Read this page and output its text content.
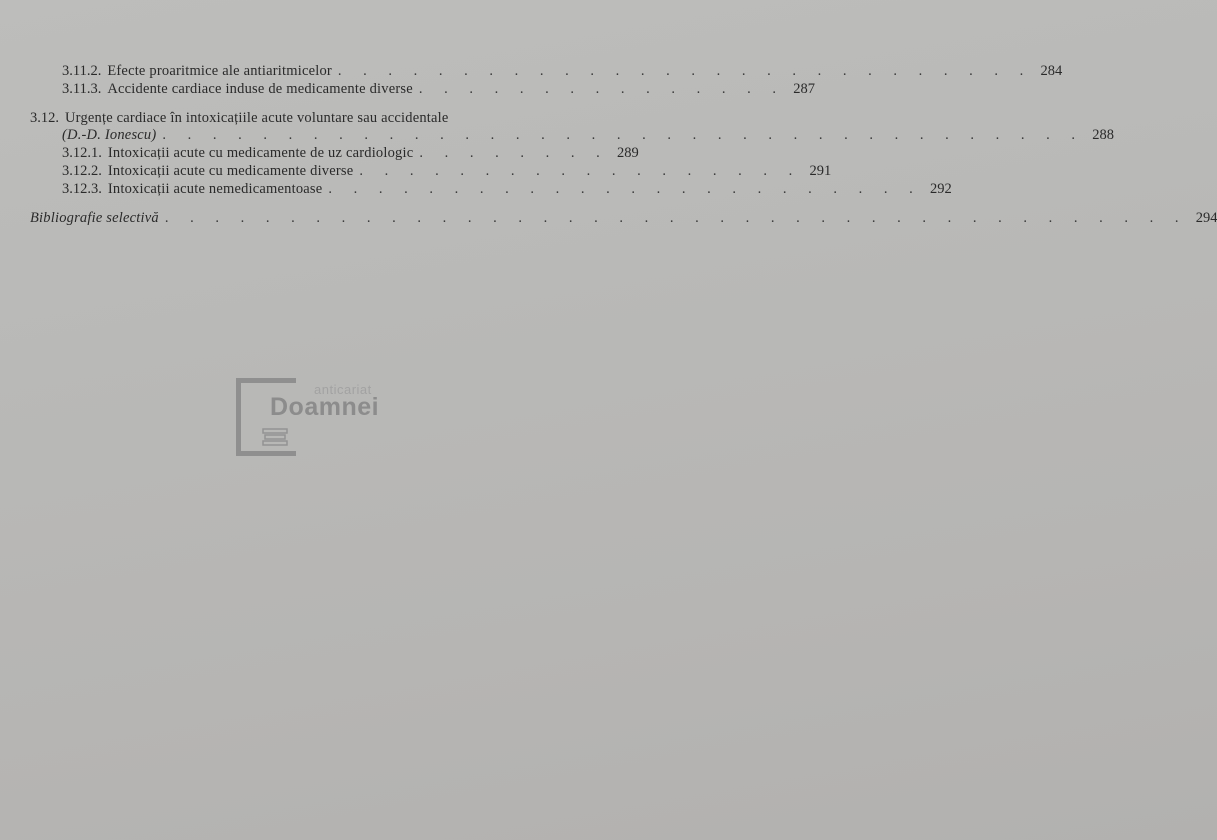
3.11.2. Efecte proaritmice ale antiaritmicelor . . . . . . . . . . . . . . . . . . . . . . . . . . . . 284
3.11.3. Accidente cardiace induse de medicamente diverse . . . . . . . . . . . . . . . 287
3.12. Urgențe cardiace în intoxicațiile acute voluntare sau accidentale
(D.-D. Ionescu) . . . . . . . . . . . . . . . . . . . . . . . . . . . . . . . . . . . . . 288
3.12.1. Intoxicații acute cu medicamente de uz cardiologic . . . . . . . . 289
3.12.2. Intoxicații acute cu medicamente diverse . . . . . . . . . . . . . . . . . . 291
3.12.3. Intoxicații acute nemedicamentoase . . . . . . . . . . . . . . . . . . . . . . . . 292
Bibliografie selectivă . . . . . . . . . . . . . . . . . . . . . . . . . . . . . . . . . . . . . . . . . 294
anticariat
Doamnei
